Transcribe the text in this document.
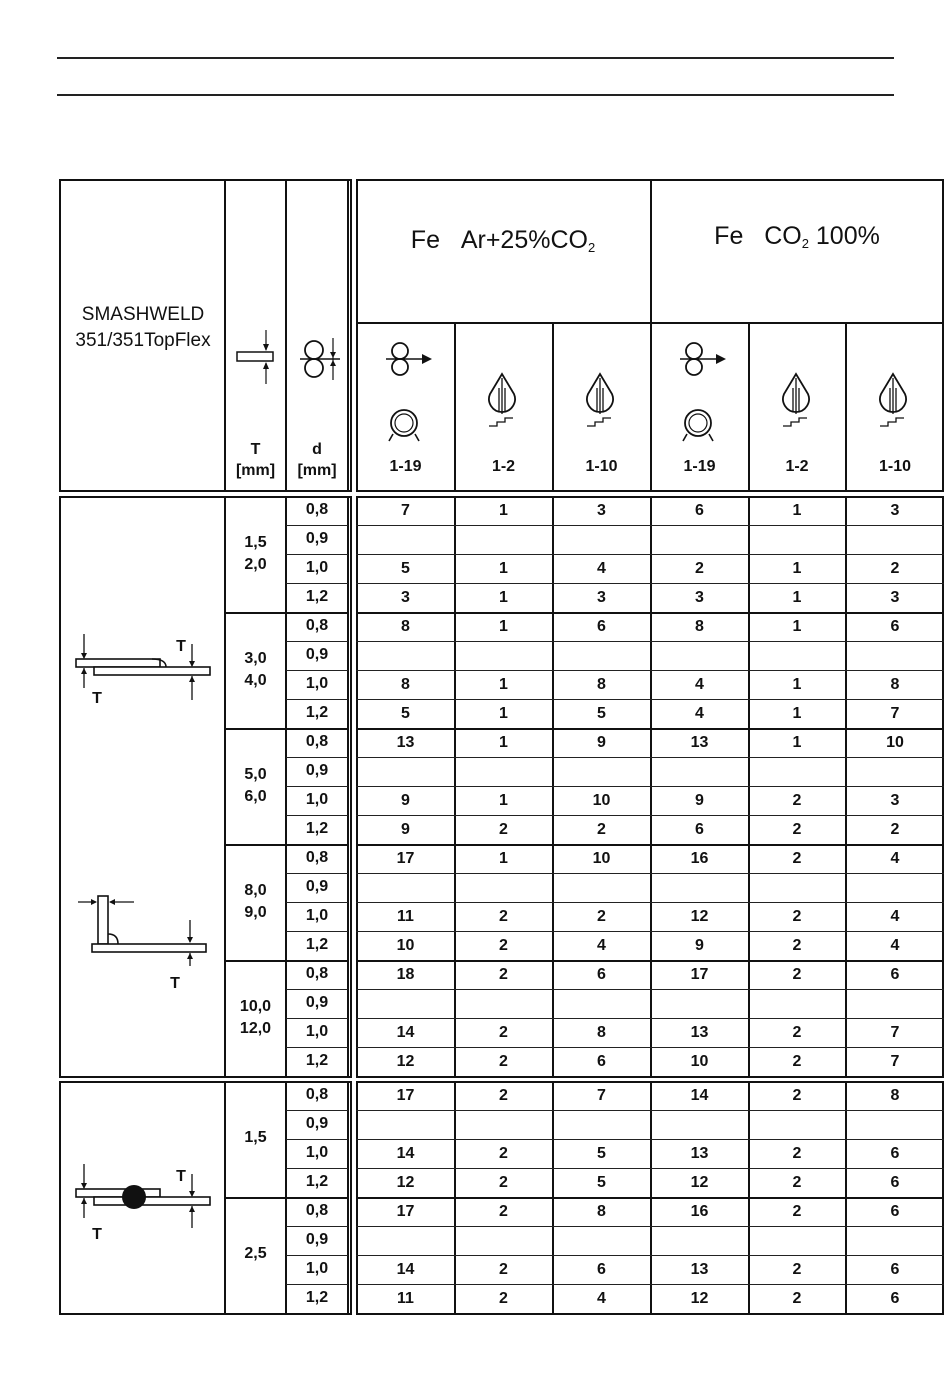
SMASHWELD
351/351TopFlex
T
[mm]
d
[mm]
Fe $Ar+25\%CO_2$	Fe $CO_2$ 100%
1-19	1-2	1-10	1-19	1-2	1-10
1,5
2,0
0,8	7	1	3	6	1	3
0,9
1,0	5	1	4	2	1	2
1,2	3	1	3	3	1	3
3,0
4,0
0,8	8	1	6	8	1	6
0,9
1,0	8	1	8	4	1	8
1,2	5	1	5	4	1	7
5,0
6,0
0,8	13	1	9	13	1	10
0,9
1,0	9	1	10	9	2	3
1,2	9	2	2	6	2	2
8,0
9,0
0,8	17	1	10	16	2	4
0,9
1,0	11	2	2	12	2	4
1,2	10	2	4	9	2	4
10,0
12,0
0,8	18	2	6	17	2	6
0,9
1,0	14	2	8	13	2	7
1,2	12	2	6	10	2	7
1,5
0,8	17	2	7	14	2	8
0,9
1,0	14	2	5	13	2	6
1,2	12	2	5	12	2	6
2,5
0,8	17	2	8	16	2	6
0,9
1,0	14	2	6	13	2	6
1,2	11	2	4	12	2	6
T
T
T
T
T
